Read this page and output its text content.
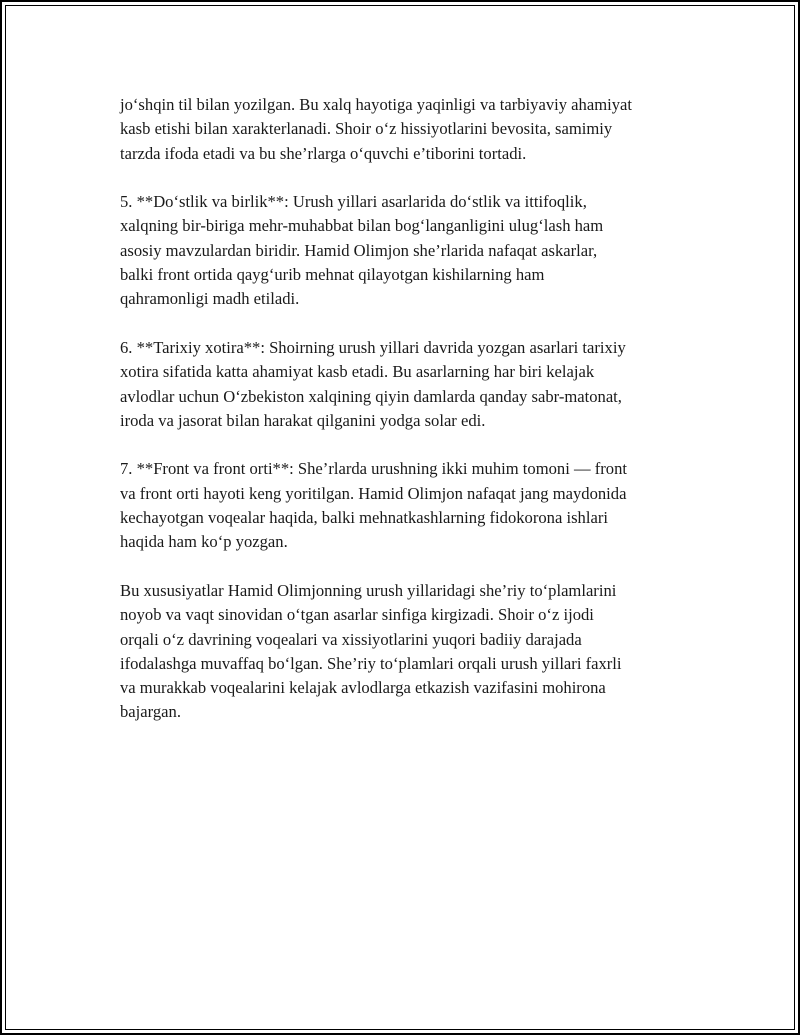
jo‘shqin til bilan yozilgan. Bu xalq hayotiga yaqinligi va tarbiyaviy ahamiyat
kasb etishi bilan xarakterlanadi. Shoir o‘z hissiyotlarini bevosita, samimiy
tarzda ifoda etadi va bu she’rlarga o‘quvchi e’tiborini tortadi.

5. **Do‘stlik va birlik**: Urush yillari asarlarida do‘stlik va ittifoqlik,
xalqning bir-biriga mehr-muhabbat bilan bog‘langanligini ulug‘lash ham
asosiy mavzulardan biridir. Hamid Olimjon she’rlarida nafaqat askarlar,
balki front ortida qayg‘urib mehnat qilayotgan kishilarning ham
qahramonligi madh etiladi.

6. **Tarixiy xotira**: Shoirning urush yillari davrida yozgan asarlari tarixiy
xotira sifatida katta ahamiyat kasb etadi. Bu asarlarning har biri kelajak
avlodlar uchun O‘zbekiston xalqining qiyin damlarda qanday sabr-matonat,
iroda va jasorat bilan harakat qilganini yodga solar edi.

7. **Front va front orti**: She’rlarda urushning ikki muhim tomoni — front
va front orti hayoti keng yoritilgan. Hamid Olimjon nafaqat jang maydonida
kechayotgan voqealar haqida, balki mehnatkashlarning fidokorona ishlari
haqida ham ko‘p yozgan.

Bu xususiyatlar Hamid Olimjonning urush yillaridagi she’riy to‘plamlarini
noyob va vaqt sinovidan o‘tgan asarlar sinfiga kirgizadi. Shoir o‘z ijodi
orqali o‘z davrining voqealari va xissiyotlarini yuqori badiiy darajada
ifodalashga muvaffaq bo‘lgan. She’riy to‘plamlari orqali urush yillari faxrli
va murakkab voqealarini kelajak avlodlarga etkazish vazifasini mohirona
bajargan.
